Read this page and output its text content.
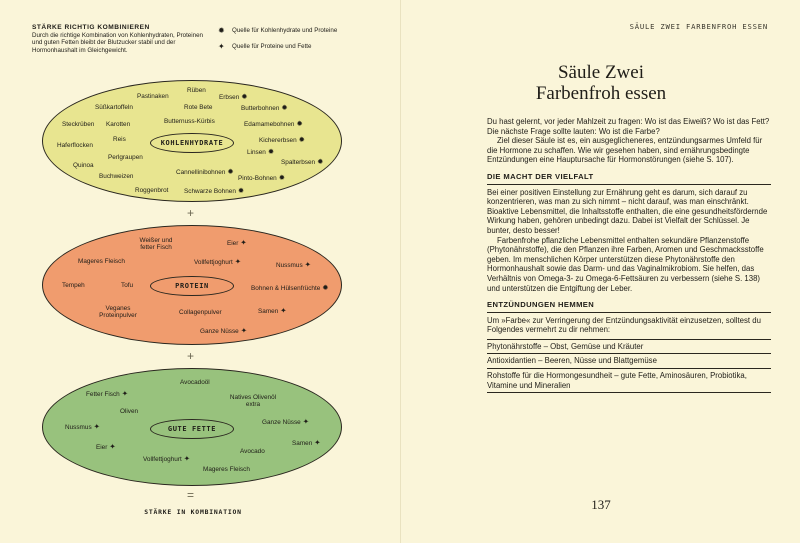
STÄRKE RICHTIG KOMBINIEREN
Durch die richtige Kombination von Kohlenhydraten, Proteinen und guten Fetten bleibt der Blutzucker stabil und der Hormonhaushalt im Gleichgewicht.
✹	Quelle für Kohlenhydrate und Proteine
✦	Quelle für Proteine und Fette
KOHLENHYDRATE
Rüben
Pastinaken	Erbsen ✹
Süßkartoffeln	Rote Bete	Butterbohnen ✹
Steckrüben Karotten	Butternuss-Kürbis	Edamamebohnen ✹
Reis	Kichererbsen ✹
Haferflocken
Linsen ✹
Perlgraupen
Quinoa	Spalterbsen ✹
Cannellinibohnen ✹
Buchweizen	Pinto-Bohnen ✹
Roggenbrot Schwarze Bohnen ✹
+
PROTEIN
Weißer und fetter Fisch
Eier ✦
Mageres Fleisch	Vollfettjoghurt ✦	Nussmus ✦
Tofu
Tempeh	Bohnen & Hülsenfrüchte ✹
Veganes Proteinpulver	Collagenpulver	Samen ✦
Ganze Nüsse ✦
+
GUTE FETTE
Avocadoöl
Fetter Fisch ✦	Natives Olivenöl extra
Oliven
Nussmus ✦	Ganze Nüsse ✦
Eier ✦	Samen ✦
Avocado
Vollfettjoghurt ✦
Mageres Fleisch
=
STÄRKE IN KOMBINATION
SÄULE ZWEI FARBENFROH ESSEN
Säule Zwei
Farbenfroh essen

Du hast gelernt, vor jeder Mahlzeit zu fragen: Wo ist das Eiweiß? Wo ist das Fett? Die nächste Frage sollte lauten: Wo ist die Farbe?

Ziel dieser Säule ist es, ein ausgeglicheneres, entzündungsarmes Umfeld für die Hormone zu schaffen. Wie wir gesehen haben, sind ernährungsbedingte Entzündungen eine Hauptursache für Hormonstörungen (siehe S. 107).

DIE MACHT DER VIELFALT

Bei einer positiven Einstellung zur Ernährung geht es darum, sich darauf zu konzentrieren, was man zu sich nimmt – nicht darauf, was man einschränkt. Bioaktive Lebensmittel, die Inhaltsstoffe enthalten, die eine gesundheitsfördernde Wirkung haben, gehören unbedingt dazu. Dabei ist Vielfalt der Schlüssel. Je bunter, desto besser!

Farbenfrohe pflanzliche Lebensmittel enthalten sekundäre Pflanzenstoffe (Phytonährstoffe), die den Pflanzen ihre Farben, Aromen und Geschmacksstoffe geben. Im menschlichen Körper unterstützen diese Phytonährstoffe den Hormonhaushalt sowie das Darm- und das Vaginalmikrobiom. Sie helfen, das Verhältnis von Omega-3- zu Omega-6-Fettsäuren zu verbessern (siehe S. 138) und unterstützen die Entgiftung der Leber.

ENTZÜNDUNGEN HEMMEN

Um »Farbe« zur Verringerung der Entzündungsaktivität einzusetzen, solltest du Folgendes vermehrt zu dir nehmen:

Phytonährstoffe – Obst, Gemüse und Kräuter
Antioxidantien – Beeren, Nüsse und Blattgemüse
Rohstoffe für die Hormongesundheit – gute Fette, Aminosäuren, Probiotika, Vitamine und Mineralien
137
